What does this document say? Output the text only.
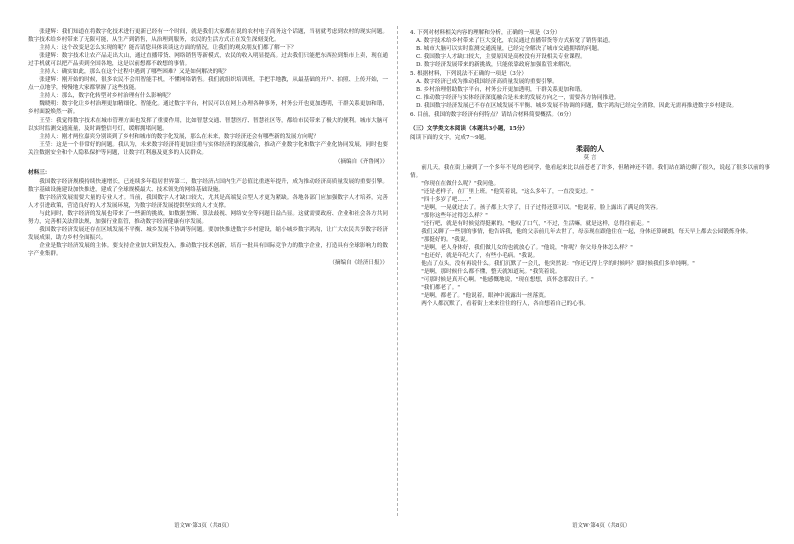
张建辉：我们知道在将数字化技术进行更新已经有一个时间，就是我们大家都在说的农村电子商务这个话题，当初就考虑到农村的现实问题。数字技术给乡村带来了无限可能，从生产到销售，从治理到服务，农民的生活方式正在发生深刻变化。

主持人：这个改变是怎么实现的呢？能否请您具体谈谈这方面的情况，让我们的观众朋友们都了解一下？

张建辉：数字技术让农产品走出大山，通过直播带货、网络销售等新模式，农民的收入明显提高。过去我们只能把东西拉到集市上卖，现在通过手机就可以把产品卖到全国各地，这是以前想都不敢想的事情。

主持人：确实如此，那么在这个过程中遇到了哪些困难？又是如何解决的呢？

张建辉：刚开始的时候，很多农民不会用智能手机，不懂网络销售。我们就组织培训班，手把手地教，从最基础的开户、拍照、上传开始，一点一点地学，慢慢地大家都掌握了这些技能。

主持人：那么，数字化转型对乡村治理有什么影响呢？

魏晓明：数字化让乡村治理更加精细化、智能化。通过数字平台，村民可以在网上办理各种事务，村务公开也更加透明，干群关系更加和谐，乡村面貌焕然一新。

王莹：我觉得数字技术在城市管理方面也发挥了重要作用，比如智慧交通、智慧医疗、智慧社区等，都给市民带来了极大的便利。城市大脑可以实时监测交通流量，及时调整信号灯，缓解拥堵问题。

主持人：刚才两位嘉宾分别谈到了乡村和城市的数字化发展，那么在未来，数字经济还会有哪些新的发展方向呢？

王莹：这是一个非常好的问题。我认为，未来数字经济将更加注重与实体经济的深度融合，推动产业数字化和数字产业化协同发展，同时也要关注数据安全和个人隐私保护等问题，让数字红利惠及更多的人民群众。

（摘编自《齐鲁网》）

材料三：

我国数字经济规模持续快速增长，已连续多年稳居世界第二，数字经济占国内生产总值比重逐年提升，成为推动经济高质量发展的重要引擎。数字基础设施建设加快推进，建成了全球规模最大、技术领先的网络基础设施。

数字经济发展需要大量的专业人才。当前，我国数字人才缺口较大，尤其是高端复合型人才更为紧缺。各地各部门应加强数字人才培养，完善人才引进政策，营造良好的人才发展环境，为数字经济发展提供坚实的人才支撑。

与此同时，数字经济的发展也带来了一些新的挑战，如数据垄断、算法歧视、网络安全等问题日益凸显。这就需要政府、企业和社会各方共同努力，完善相关法律法规，加强行业监管，推动数字经济健康有序发展。

我国数字经济发展还存在区域发展不平衡、城乡发展不协调等问题。要加快推进数字乡村建设，缩小城乡数字鸿沟，让广大农民共享数字经济发展成果，助力乡村全面振兴。

企业是数字经济发展的主体。要支持企业加大研发投入，推动数字技术创新，培育一批具有国际竞争力的数字企业，打造具有全球影响力的数字产业集群。

（摘编自《经济日报》）

4. 下列对材料相关内容的理解和分析，正确的一项是（3分）

A. 数字技术给乡村带来了巨大变化，农民通过直播带货等方式拓宽了销售渠道。

B. 城市大脑可以实时监测交通流量，已经完全解决了城市交通拥堵的问题。

C. 我国数字人才缺口较大，主要原因是高校没有开设相关专业课程。

D. 数字经济发展带来的新挑战，只能依靠政府加强监管来解决。

5. 根据材料，下列说法不正确的一项是（3分）

A. 数字经济已成为推动我国经济高质量发展的重要引擎。

B. 乡村治理借助数字平台，村务公开更加透明，干群关系更加和谐。

C. 推动数字经济与实体经济深度融合是未来的发展方向之一，需要各方协同推进。

D. 我国数字经济发展已不存在区域发展不平衡、城乡发展不协调的问题，数字鸿沟已经完全消除，因此无需再推进数字乡村建设。

6. 目前，我国的数字经济有何特点？请结合材料简要概括。（6分）

（三）文学类文本阅读（本题共3小题，15分）

阅读下面的文字，完成7～9题。

柔弱的人

莫 言

前几天，我在街上碰到了一个多年不见的老同学，他看起来比以前苍老了许多，但精神还不错。我们站在路边聊了很久，说起了很多以前的事情。

"你现在在做什么呢？"我问他。

"还是老样子，在厂里上班。"他笑着说，"这么多年了，一直没变过。"

"四十多岁了吧……"

"是啊，一晃就过去了。孩子都上大学了，日子过得还算可以。"他说着，脸上露出了满足的笑容。

"那你这些年过得怎么样？"

"还行吧，就是有时候觉得挺累的。"他叹了口气，"不过，生活嘛，就是这样，总得往前走。"

我们又聊了一些别的事情，他告诉我，他的父亲前几年去世了，母亲现在跟他住在一起，身体还算硬朗，每天早上都去公园锻炼身体。

"那挺好的。"我说。

"是啊，老人身体好，我们做儿女的也就放心了。"他说，"你呢？你父母身体怎么样？"

"也还好，就是年纪大了，有些小毛病。"我说。

他点了点头，没有再说什么。我们沉默了一会儿，他突然说："你还记得上学的时候吗？那时候我们多单纯啊。"

"是啊，那时候什么都不懂，整天就知道玩。"我笑着说。

"可那时候是真开心啊。"他感慨地说，"现在想想，真怀念那段日子。"

"我们都老了。"

"是啊，都老了。"他说着，眼神中流露出一丝落寞。

两个人都沉默了，看着街上来来往往的行人，各自想着自己的心事。

语文W·第3页（共8页）	语文W·第4页（共8页）
